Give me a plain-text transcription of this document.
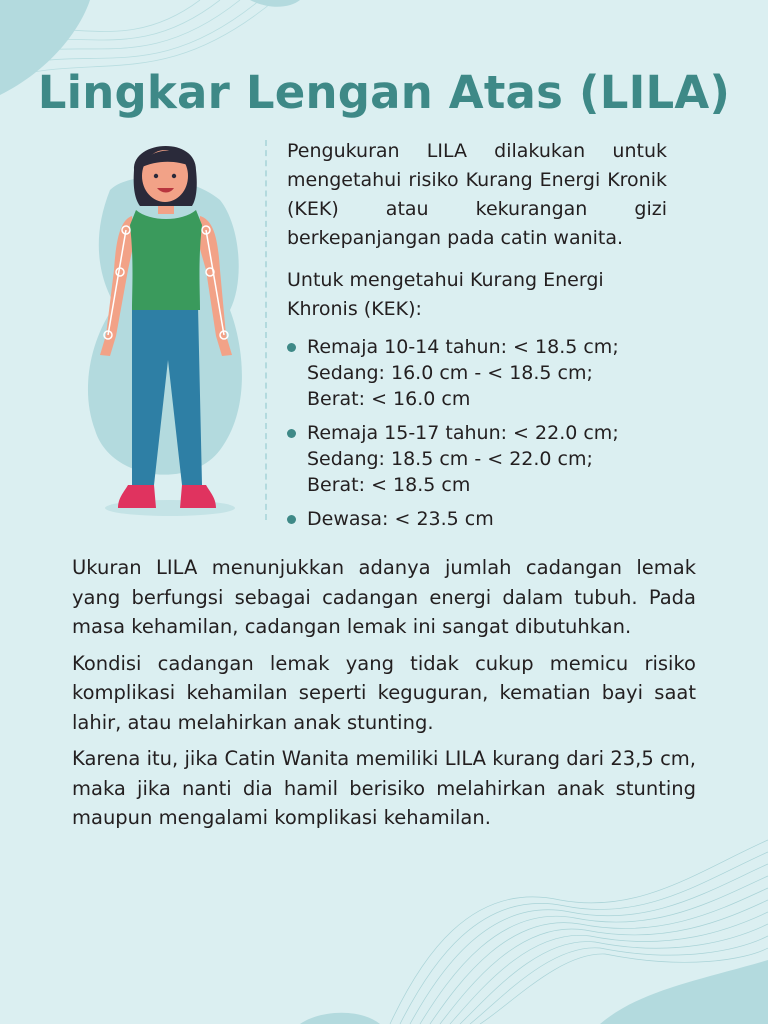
Lingkar Lengan Atas (LILA)

Pengukuran LILA dilakukan untuk mengetahui risiko Kurang Energi Kronik (KEK) atau kekurangan gizi berkepanjangan pada catin wanita.

Untuk mengetahui Kurang Energi Khronis (KEK):

Remaja 10-14 tahun: < 18.5 cm;
Sedang: 16.0 cm - < 18.5 cm;
Berat: < 16.0 cm
Remaja 15-17 tahun: < 22.0 cm;
Sedang: 18.5 cm - < 22.0 cm;
Berat: < 18.5 cm
Dewasa: < 23.5 cm

Ukuran LILA menunjukkan adanya jumlah cadangan lemak yang berfungsi sebagai cadangan energi dalam tubuh. Pada masa kehamilan, cadangan lemak ini sangat dibutuhkan.

Kondisi cadangan lemak yang tidak cukup memicu risiko komplikasi kehamilan seperti keguguran, kematian bayi saat lahir, atau melahirkan anak stunting.

Karena itu, jika Catin Wanita memiliki LILA kurang dari 23,5 cm, maka jika nanti dia hamil berisiko melahirkan anak stunting maupun mengalami komplikasi kehamilan.
